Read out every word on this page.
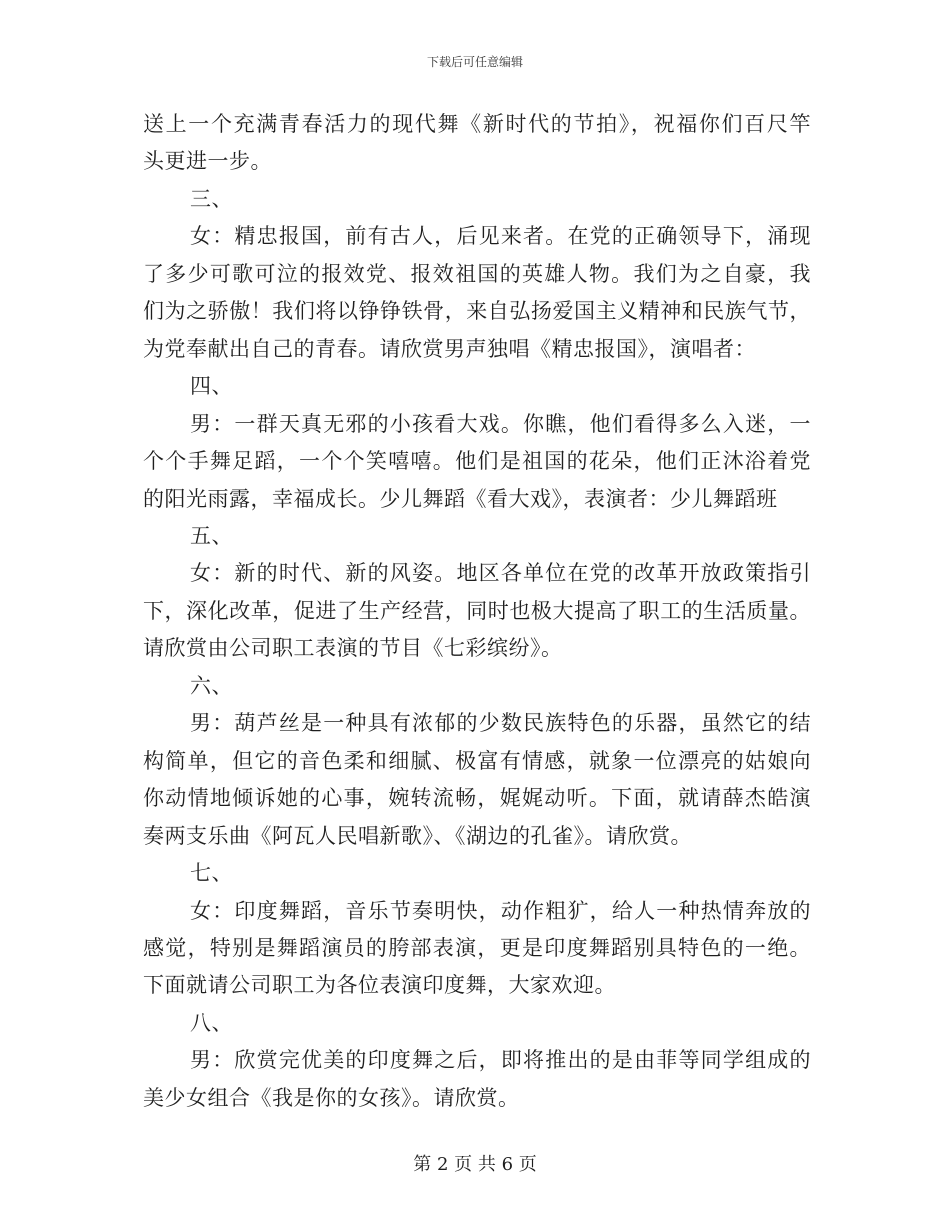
下载后可任意编辑
送上一个充满青春活力的现代舞《新时代的节拍》，祝福你们百尺竿
头更进一步。
三、
女：精忠报国，前有古人，后见来者。在党的正确领导下，涌现
了多少可歌可泣的报效党、报效祖国的英雄人物。我们为之自豪，我
们为之骄傲！我们将以铮铮铁骨，来自弘扬爱国主义精神和民族气节，
为党奉献出自己的青春。请欣赏男声独唱《精忠报国》，演唱者：
四、
男：一群天真无邪的小孩看大戏。你瞧，他们看得多么入迷，一
个个手舞足蹈，一个个笑嘻嘻。他们是祖国的花朵，他们正沐浴着党
的阳光雨露，幸福成长。少儿舞蹈《看大戏》，表演者：少儿舞蹈班
五、
女：新的时代、新的风姿。地区各单位在党的改革开放政策指引
下，深化改革，促进了生产经营，同时也极大提高了职工的生活质量。
请欣赏由公司职工表演的节目《七彩缤纷》。
六、
男：葫芦丝是一种具有浓郁的少数民族特色的乐器，虽然它的结
构简单，但它的音色柔和细腻、极富有情感，就象一位漂亮的姑娘向
你动情地倾诉她的心事，婉转流畅，娓娓动听。下面，就请薛杰皓演
奏两支乐曲《阿瓦人民唱新歌》、《湖边的孔雀》。请欣赏。
七、
女：印度舞蹈，音乐节奏明快，动作粗犷，给人一种热情奔放的
感觉，特别是舞蹈演员的胯部表演，更是印度舞蹈别具特色的一绝。
下面就请公司职工为各位表演印度舞，大家欢迎。
八、
男：欣赏完优美的印度舞之后，即将推出的是由菲等同学组成的
美少女组合《我是你的女孩》。请欣赏。
第 2 页 共 6 页
